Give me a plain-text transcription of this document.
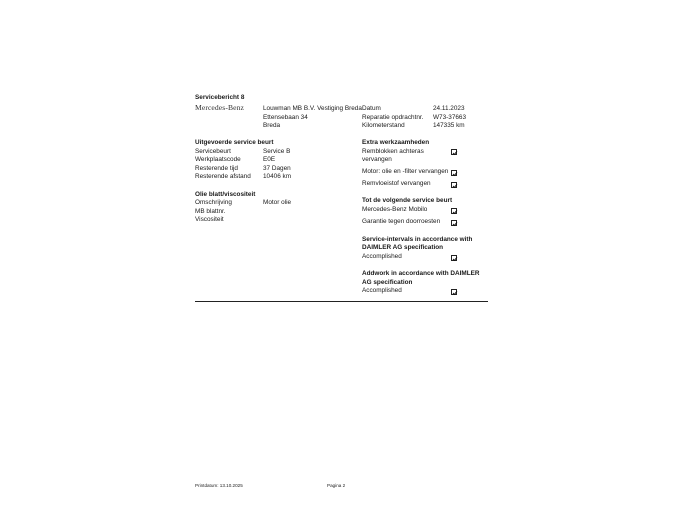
Servicebericht 8
Mercedes-Benz	Louwman MB B.V. Vestiging Breda
Ettensebaan 34
Breda
Datum	24.11.2023
Reparatie opdrachtnr. W73-37663
Kilometerstand	147335 km
Uitgevoerde service beurt
Servicebeurt	Service B
Werkplaatscode	E0E
Resterende tijd	37 Dagen
Resterende afstand 10406 km
Olie blatt/viscositeit
Omschrijving	Motor olie
MB blattnr.
Viscositeit
Extra werkzaamheden
Remblokken achteras vervangen
Motor: olie en -filter vervangen
Remvloeistof vervangen
Tot de volgende service beurt
Mercedes-Benz Mobilo
Garantie tegen doorroesten
Service-intervals in accordance with DAIMLER AG specification
Accomplished
Addwork in accordance with DAIMLER AG specification
Accomplished
Printdatum: 13.10.2025	Pagina 2
